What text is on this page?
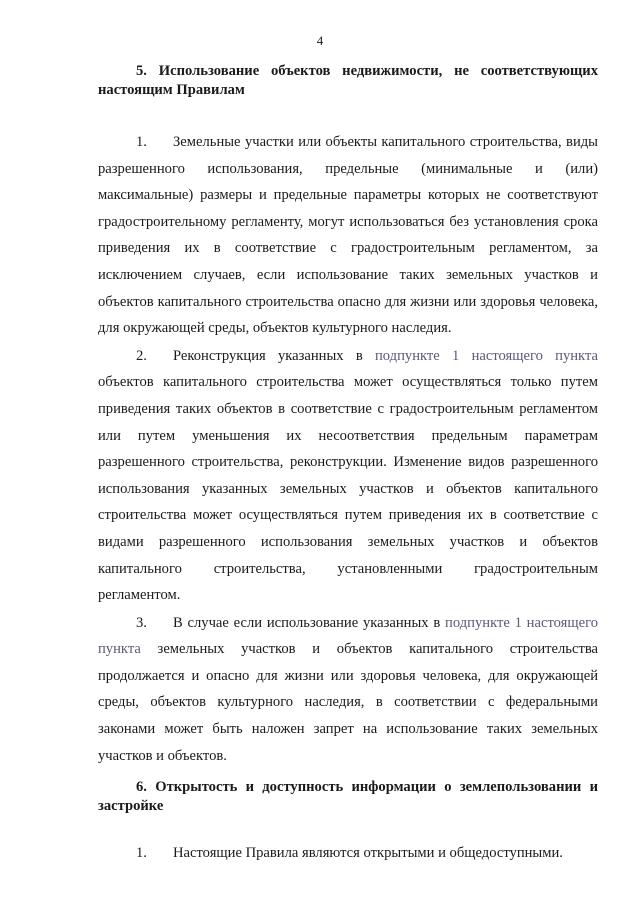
4
5. Использование объектов недвижимости, не соответствующих настоящим Правилам

1. Земельные участки или объекты капитального строительства, виды разрешенного использования, предельные (минимальные и (или) максимальные) размеры и предельные параметры которых не соответствуют градостроительному регламенту, могут использоваться без установления срока приведения их в соответствие с градостроительным регламентом, за исключением случаев, если использование таких земельных участков и объектов капитального строительства опасно для жизни или здоровья человека, для окружающей среды, объектов культурного наследия.

2. Реконструкция указанных в подпункте 1 настоящего пункта объектов капитального строительства может осуществляться только путем приведения таких объектов в соответствие с градостроительным регламентом или путем уменьшения их несоответствия предельным параметрам разрешенного строительства, реконструкции. Изменение видов разрешенного использования указанных земельных участков и объектов капитального строительства может осуществляться путем приведения их в соответствие с видами разрешенного использования земельных участков и объектов капитального строительства, установленными градостроительным регламентом.

3. В случае если использование указанных в подпункте 1 настоящего пункта земельных участков и объектов капитального строительства продолжается и опасно для жизни или здоровья человека, для окружающей среды, объектов культурного наследия, в соответствии с федеральными законами может быть наложен запрет на использование таких земельных участков и объектов.

6. Открытость и доступность информации о землепользовании и застройке

1. Настоящие Правила являются открытыми и общедоступными.
